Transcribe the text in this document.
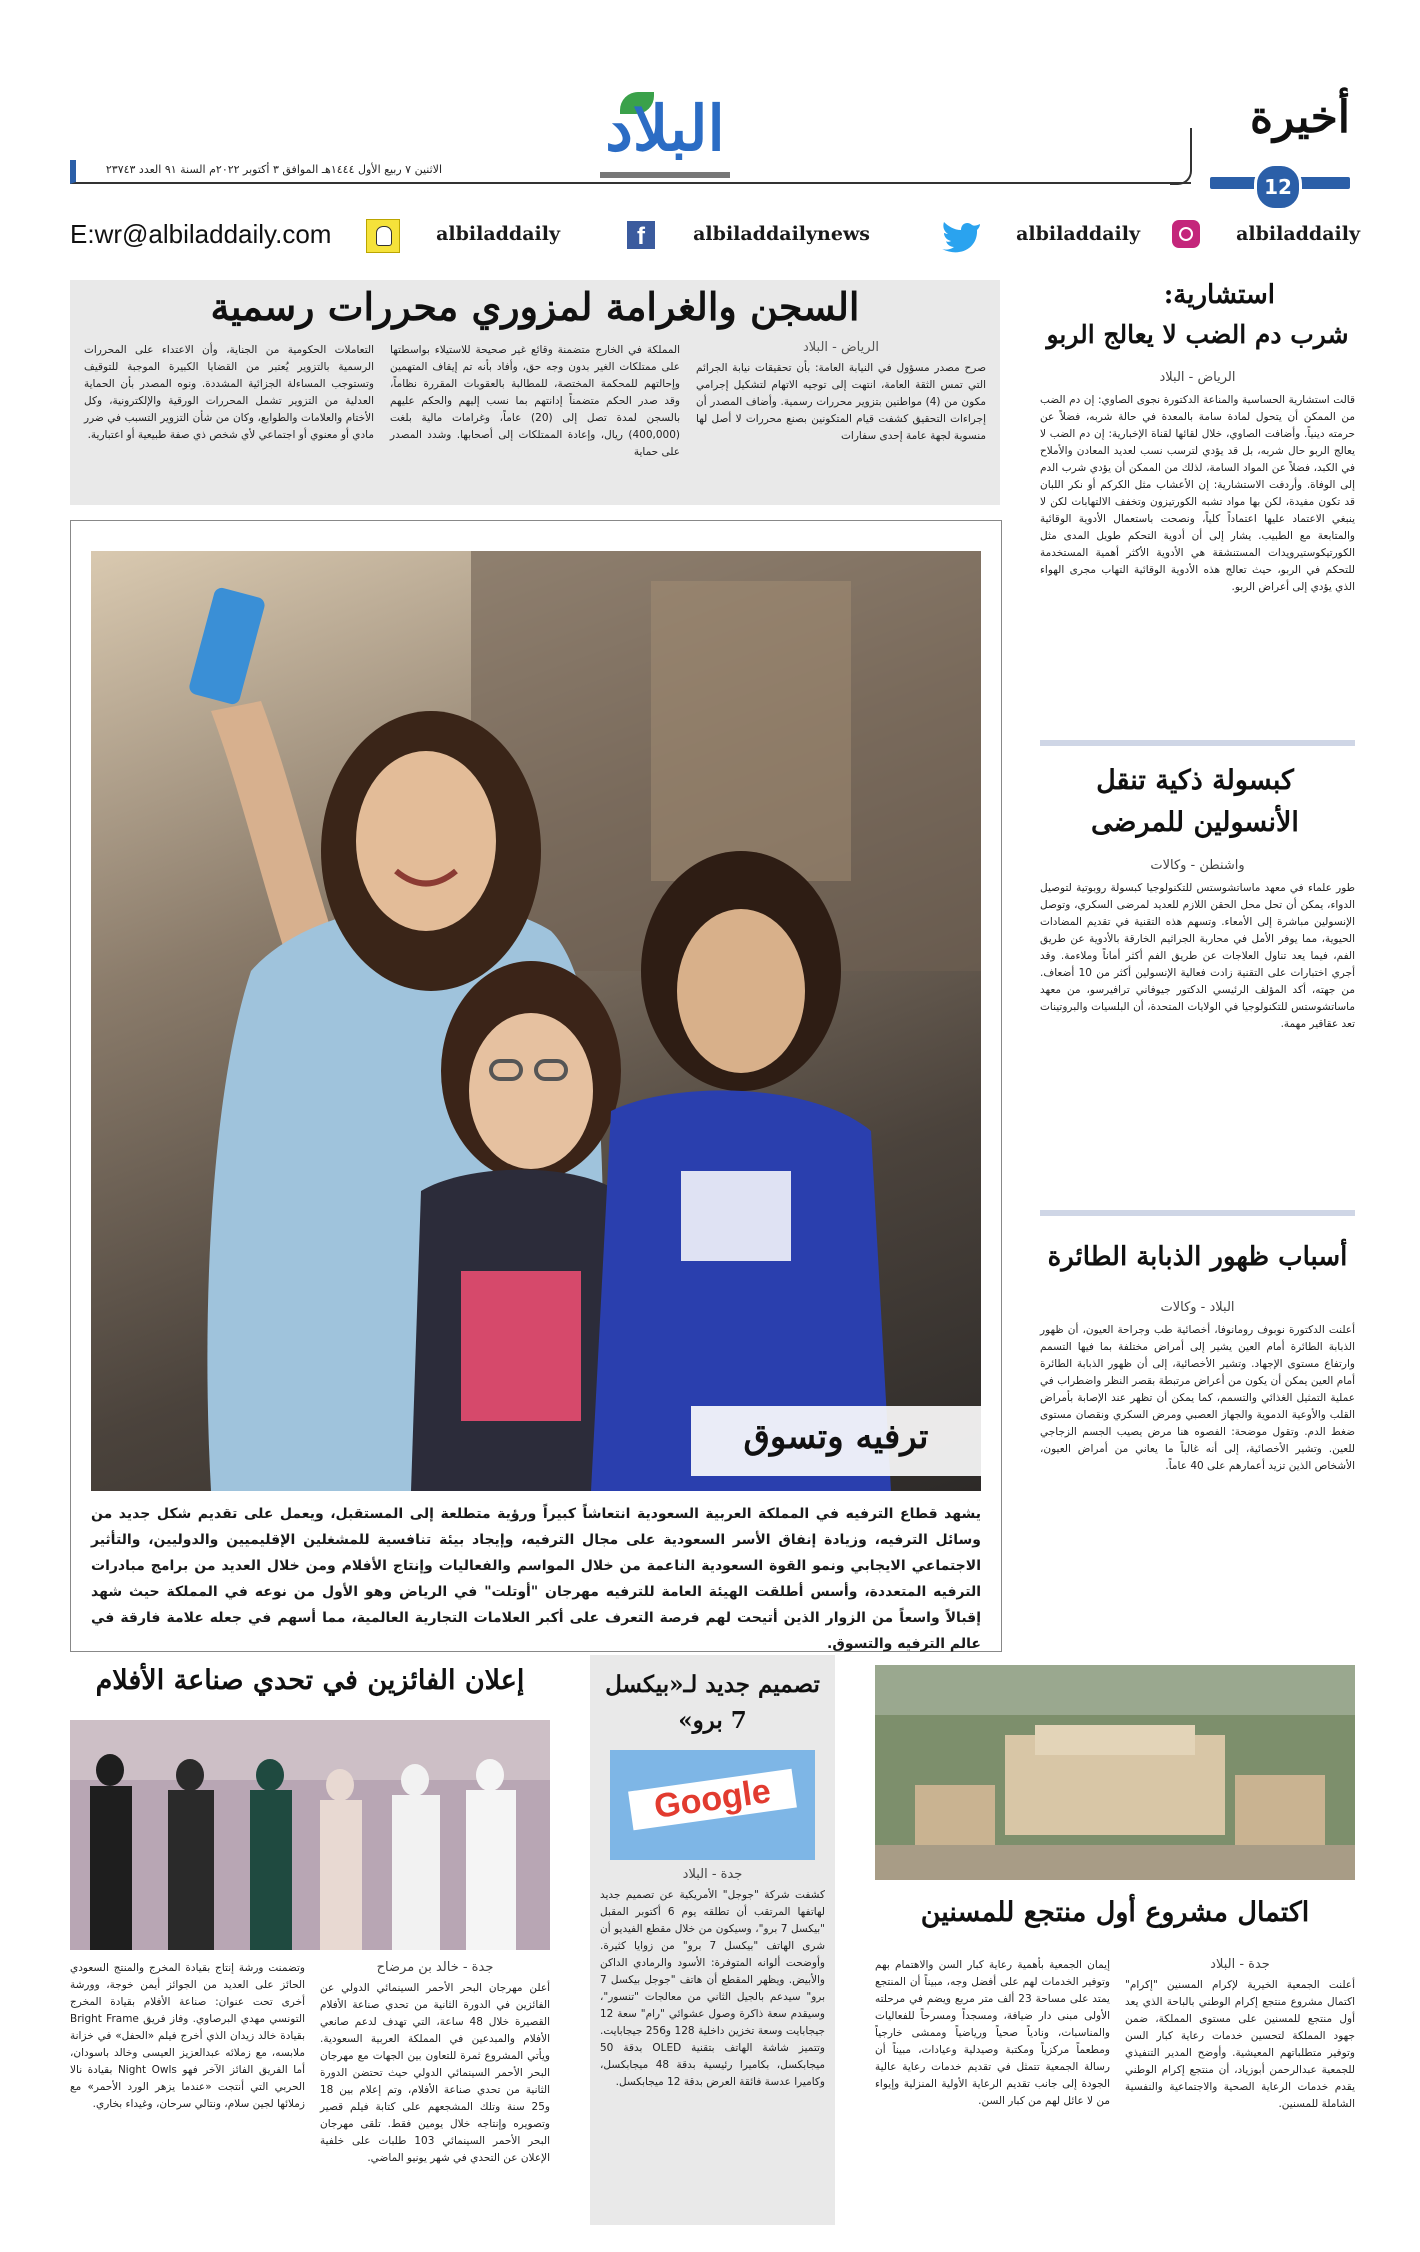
أخيرة
12
البلاد
الاثنين ٧ ربيع الأول ١٤٤٤هـ الموافق ٣ أكتوبر ٢٠٢٢م السنة ٩١ العدد ٢٣٧٤٣
albiladdaily
albiladdaily
albiladdailynews
f
albiladdaily
E:wr@albiladdaily.com
السجن والغرامة لمزوري محررات رسمية
الرياض - البلاد
صرح مصدر مسؤول في النيابة العامة: بأن تحقيقات نيابة الجرائم التي تمس الثقة العامة، انتهت إلى توجيه الاتهام لتشكيل إجرامي مكون من (4) مواطنين بتزوير محررات رسمية. وأضاف المصدر أن إجراءات التحقيق كشفت قيام المتكونين بصنع محررات لا أصل لها منسوبة لجهة عامة إحدى سفارات
المملكة في الخارج متضمنة وقائع غير صحيحة للاستيلاء بواسطتها على ممتلكات الغير بدون وجه حق، وأفاد بأنه تم إيقاف المتهمين وإحالتهم للمحكمة المختصة، للمطالبة بالعقوبات المقررة نظاماً، وقد صدر الحكم متضمناً إدانتهم بما نسب إليهم والحكم عليهم بالسجن لمدة تصل إلى (20) عاماً، وغرامات مالية بلغت (400,000) ريال، وإعادة الممتلكات إلى أصحابها. وشدد المصدر على حماية
التعاملات الحكومية من الجناية، وأن الاعتداء على المحررات الرسمية بالتزوير يُعتبر من القضايا الكبيرة الموجبة للتوقيف وتستوجب المساءلة الجزائية المشددة. ونوه المصدر بأن الحماية العدلية من التزوير تشمل المحررات الورقية والإلكترونية، وكل الأختام والعلامات والطوابع، وكان من شأن التزوير التسبب في ضرر مادي أو معنوي أو اجتماعي لأي شخص ذي صفة طبيعية أو اعتبارية.
ترفيه وتسوق
يشهد قطاع الترفيه في المملكة العربية السعودية انتعاشاً كبيراً ورؤية متطلعة إلى المستقبل، ويعمل على تقديم شكل جديد من وسائل الترفيه، وزيادة إنفاق الأسر السعودية على مجال الترفيه، وإيجاد بيئة تنافسية للمشغلين الإقليميين والدوليين، والتأثير الاجتماعي الايجابي ونمو القوة السعودية الناعمة من خلال المواسم والفعاليات وإنتاج الأفلام ومن خلال العديد من برامج مبادرات الترفيه المتعددة، وأسس أطلقت الهيئة العامة للترفيه مهرجان "أوتلت" في الرياض وهو الأول من نوعه في المملكة حيث شهد إقبالاً واسعاً من الزوار الذين أتيحت لهم فرصة التعرف على أكبر العلامات التجارية العالمية، مما أسهم في جعله علامة فارقة في عالم الترفيه والتسوق.
استشارية:
شرب دم الضب لا يعالج الربو
الرياض - البلاد
قالت استشارية الحساسية والمناعة الدكتورة نجوى الصاوي: إن دم الضب من الممكن أن يتحول لمادة سامة بالمعدة في حالة شربه، فضلاً عن حرمته دينياً. وأضافت الصاوي، خلال لقائها لقناة الإخبارية: إن دم الضب لا يعالج الربو حال شربه، بل قد يؤدي لترسب نسب لعديد المعادن والأملاح في الكبد، فضلاً عن المواد السامة، لذلك من الممكن أن يؤدي شرب الدم إلى الوفاة. وأردفت الاستشارية: إن الأعشاب مثل الكركم أو نكر اللبان قد تكون مفيدة، لكن بها مواد تشبه الكورتيزون وتخفف الالتهابات لكن لا ينبغي الاعتماد عليها اعتماداً كلياً، ونصحت باستعمال الأدوية الوقائية والمتابعة مع الطبيب. يشار إلى أن أدوية التحكم طويل المدى مثل الكورتيكوستيرويدات المستنشقة هي الأدوية الأكثر أهمية المستخدمة للتحكم في الربو، حيث تعالج هذه الأدوية الوقائية التهاب مجرى الهواء الذي يؤدي إلى أعراض الربو.
كبسولة ذكية تنقل الأنسولين للمرضى
واشنطن - وكالات
طور علماء في معهد ماساتشوستس للتكنولوجيا كبسولة روبوتية لتوصيل الدواء، يمكن أن تحل محل الحقن اللازم للعديد لمرضى السكري، وتوصل الإنسولين مباشرة إلى الأمعاء. وتسهم هذه التقنية في تقديم المضادات الحيوية، مما يوفر الأمل في محاربة الجراثيم الخارقة بالأدوية عن طريق الفم، فيما يعد تناول العلاجات عن طريق الفم أكثر أماناً وملاءمة. وقد أجري اختبارات على التقنية زادت فعالية الإنسولين أكثر من 10 أضعاف. من جهته، أكد المؤلف الرئيسي الدكتور جيوفاني ترافيرسو، من معهد ماساتشوستس للتكنولوجيا في الولايات المتحدة، أن البلسيات والبروتينات تعد عقاقير مهمة.
أسباب ظهور الذبابة الطائرة
البلاد - وكالات
أعلنت الدكتورة نوبوف رومانوفا، أخصائية طب وجراحة العيون، أن ظهور الذبابة الطائرة أمام العين يشير إلى أمراض مختلفة بما فيها التسمم وارتفاع مستوى الإجهاد. وتشير الأخصائية، إلى أن ظهور الذبابة الطائرة أمام العين يمكن أن يكون من أعراض مرتبطة بقصر النظر واضطراب في عملية التمثيل الغذائي والتسمم، كما يمكن أن تظهر عند الإصابة بأمراض القلب والأوعية الدموية والجهاز العصبي ومرض السكري ونقصان مستوى ضغط الدم. وتقول موضحة: الفصوه هنا مرض يصيب الجسم الزجاجي للعين. وتشير الأخصائية، إلى أنه غالباً ما يعاني من أمراض العيون، الأشخاص الذين تزيد أعمارهم على 40 عاماً.
إعلان الفائزين في تحدي صناعة الأفلام
جدة - خالد بن مرضاح
أعلن مهرجان البحر الأحمر السينمائي الدولي عن الفائزين في الدورة الثانية من تحدي صناعة الأفلام القصيرة خلال 48 ساعة، التي تهدف لدعم صانعي الأفلام والمبدعين في المملكة العربية السعودية. ويأتي المشروع ثمرة للتعاون بين الجهات مع مهرجان البحر الأحمر السينمائي الدولي حيث تحتضن الدورة الثانية من تحدي صناعة الأفلام، وتم إعلام بين 18 و25 سنة وتلك المشجعهم على كتابة فيلم قصير وتصويره وإنتاجه خلال يومين فقط. تلقى مهرجان البحر الأحمر السينمائي 103 طلبات على خلفية الإعلان عن التحدي في شهر يونيو الماضي.
وتضمنت ورشة إنتاج بقيادة المخرج والمنتج السعودي الحائز على العديد من الجوائز أيمن خوجة، وورشة أخرى تحت عنوان: صناعة الأفلام بقيادة المخرج التونسي مهدي البرصاوي. وفاز فريق Bright Frame بقيادة خالد زيدان الذي أخرج فيلم «الحفل» في خزانة ملابسه، مع زملائه عبدالعزيز العيسى وخالد باسودان، أما الفريق الفائز الآخر فهو Night Owls بقيادة نالا الحربي التي أنتجت «عندما يزهر الورد الأحمر» مع زملائها لجين سلام، ونتالي سرحان، وغيداء بخاري.
تصميم جديد لـ«بيكسل 7 برو»
Google
جدة - البلاد
كشفت شركة "جوجل" الأمريكية عن تصميم جديد لهاتفها المرتقب أن تطلقه يوم 6 أكتوبر المقبل "بيكسل 7 برو"، وسيكون من خلال مقطع الفيديو أن شرى الهاتف "بيكسل 7 برو" من زوايا كثيرة. وأوضحت ألوانه المتوفرة: الأسود والرمادي الداكن والأبيض. ويظهر المقطع أن هاتف "جوجل بيكسل 7 برو" سيدعم بالجيل الثاني من معالجات "تنسور"، وسيقدم سعة ذاكرة وصول عشوائي "رام" سعة 12 جيجابايت وسعة تخزين داخلية 128 و256 جيجابايت. وتتميز شاشة الهاتف بتقنية OLED بدقة 50 ميجابكسل، بكاميرا رئيسية بدقة 48 ميجابكسل، وكاميرا عدسة فائقة العرض بدقة 12 ميجابكسل.
اكتمال مشروع أول منتجع للمسنين
جدة - البلاد
أعلنت الجمعية الخيرية لإكرام المسنين "إكرام" اكتمال مشروع منتجع إكرام الوطني بالباحة الذي يعد أول منتجع للمسنين على مستوى المملكة، ضمن جهود المملكة لتحسين خدمات رعاية كبار السن وتوفير متطلباتهم المعيشية. وأوضح المدير التنفيذي للجمعية عبدالرحمن أبوزياد، أن منتجع إكرام الوطني يقدم خدمات الرعاية الصحية والاجتماعية والنفسية الشاملة للمسنين.
إيمان الجمعية بأهمية رعاية كبار السن والاهتمام بهم وتوفير الخدمات لهم على أفضل وجه، مبيناً أن المنتجع يمتد على مساحة 23 ألف متر مربع ويضم في مرحلته الأولى مبنى دار ضيافة، ومسجداً ومسرحاً للفعاليات والمناسبات، ونادياً صحياً ورياضياً وممشى خارجياً ومطعماً مركزياً ومكتبة وصيدلية وعيادات، مبيناً أن رسالة الجمعية تتمثل في تقديم خدمات رعاية عالية الجودة إلى جانب تقديم الرعاية الأولية المنزلية وإيواء من لا عائل لهم من كبار السن.
